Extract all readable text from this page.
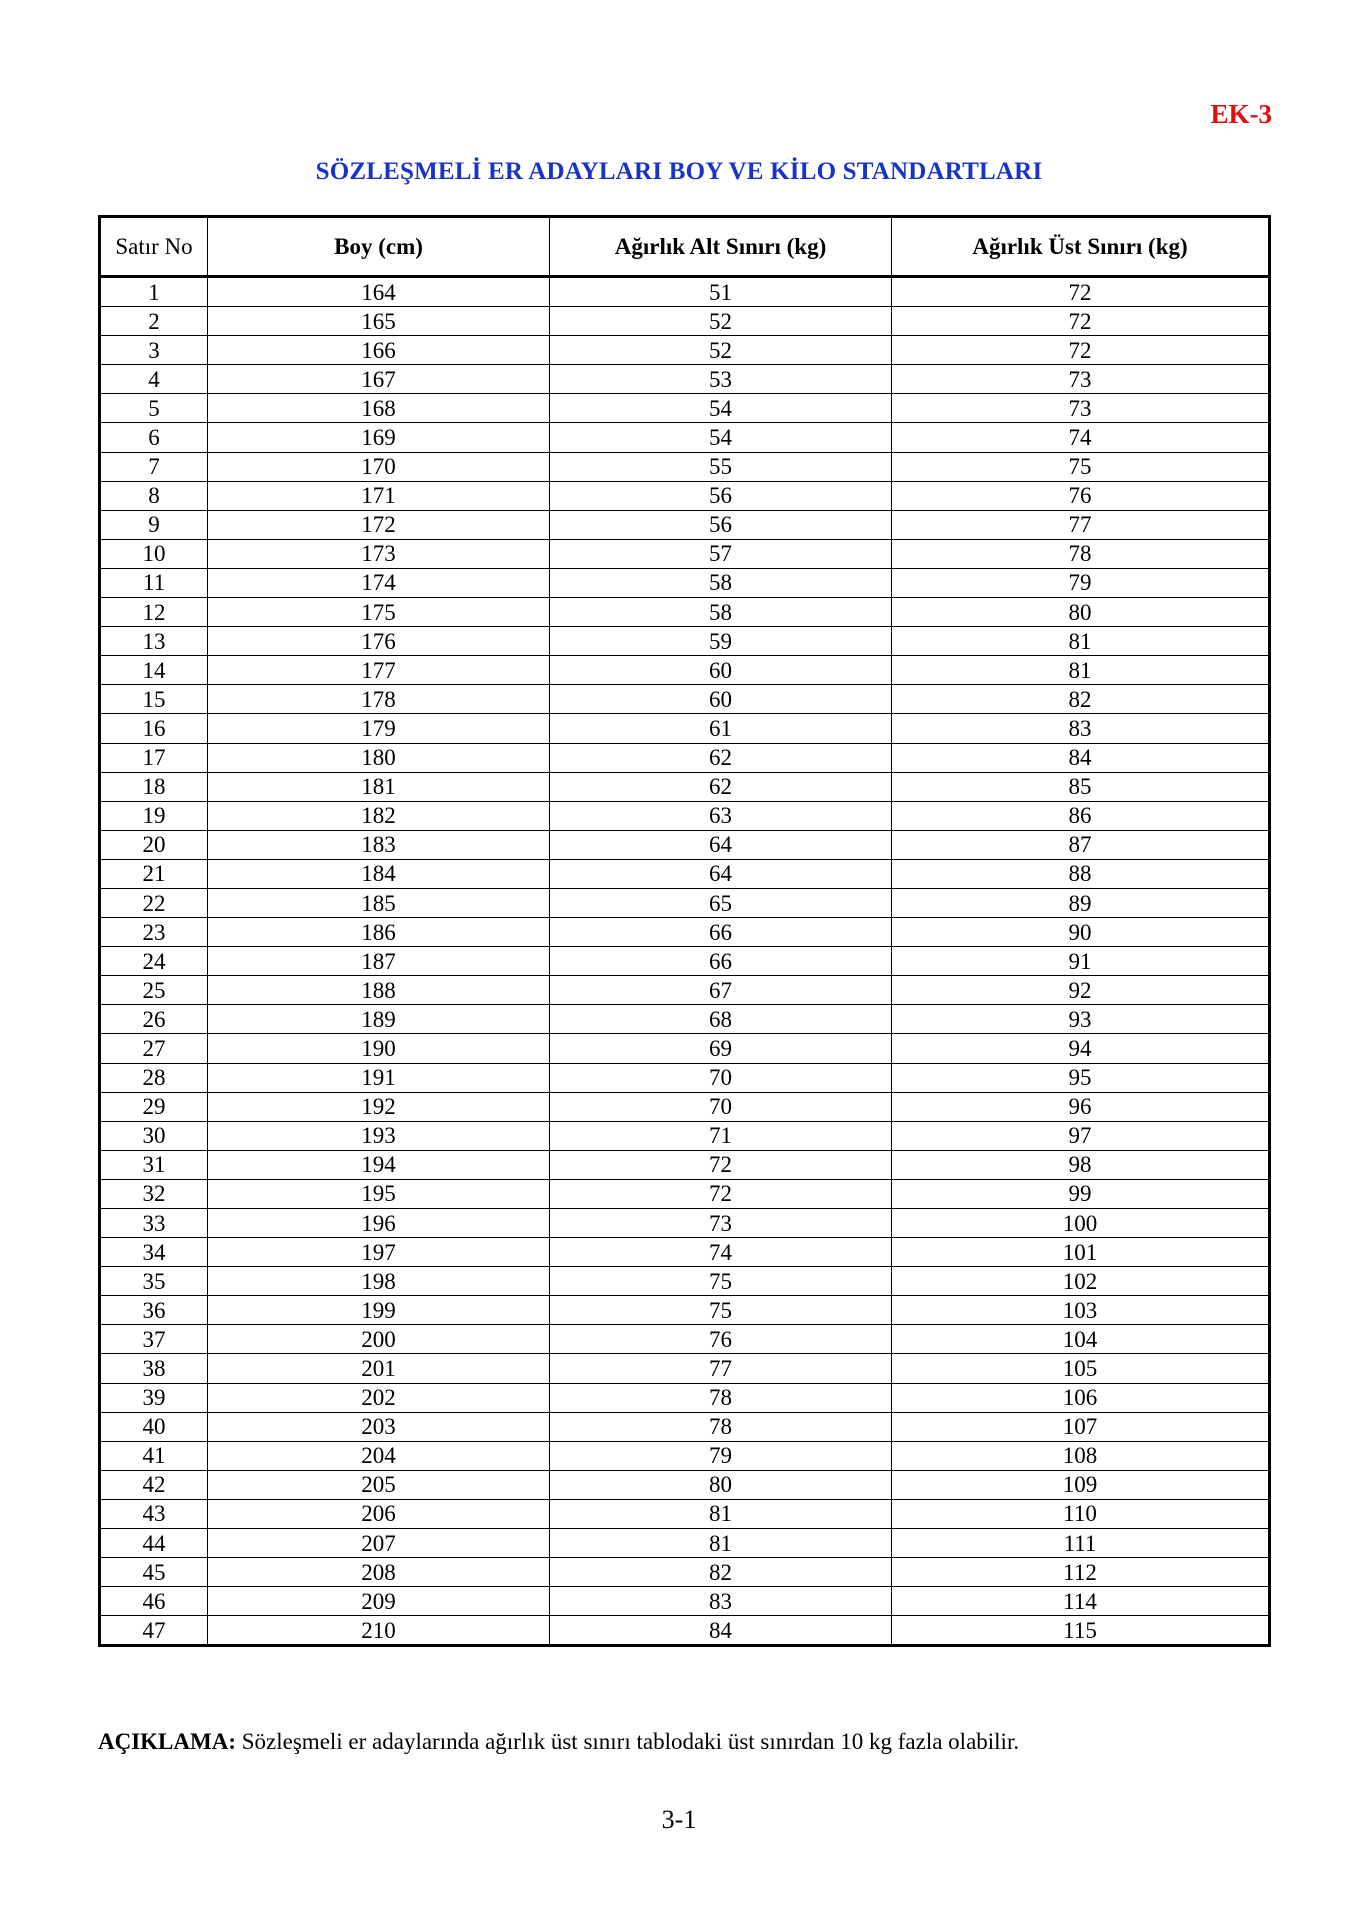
EK-3
SÖZLEŞMELİ ER ADAYLARI BOY VE KİLO STANDARTLARI
Satır No	Boy (cm)	Ağırlık Alt Sınırı (kg)	Ağırlık Üst Sınırı (kg)
1	164	51	72
2	165	52	72
3	166	52	72
4	167	53	73
5	168	54	73
6	169	54	74
7	170	55	75
8	171	56	76
9	172	56	77
10	173	57	78
11	174	58	79
12	175	58	80
13	176	59	81
14	177	60	81
15	178	60	82
16	179	61	83
17	180	62	84
18	181	62	85
19	182	63	86
20	183	64	87
21	184	64	88
22	185	65	89
23	186	66	90
24	187	66	91
25	188	67	92
26	189	68	93
27	190	69	94
28	191	70	95
29	192	70	96
30	193	71	97
31	194	72	98
32	195	72	99
33	196	73	100
34	197	74	101
35	198	75	102
36	199	75	103
37	200	76	104
38	201	77	105
39	202	78	106
40	203	78	107
41	204	79	108
42	205	80	109
43	206	81	110
44	207	81	111
45	208	82	112
46	209	83	114
47	210	84	115
AÇIKLAMA: Sözleşmeli er adaylarında ağırlık üst sınırı tablodaki üst sınırdan 10 kg fazla olabilir.
3-1
